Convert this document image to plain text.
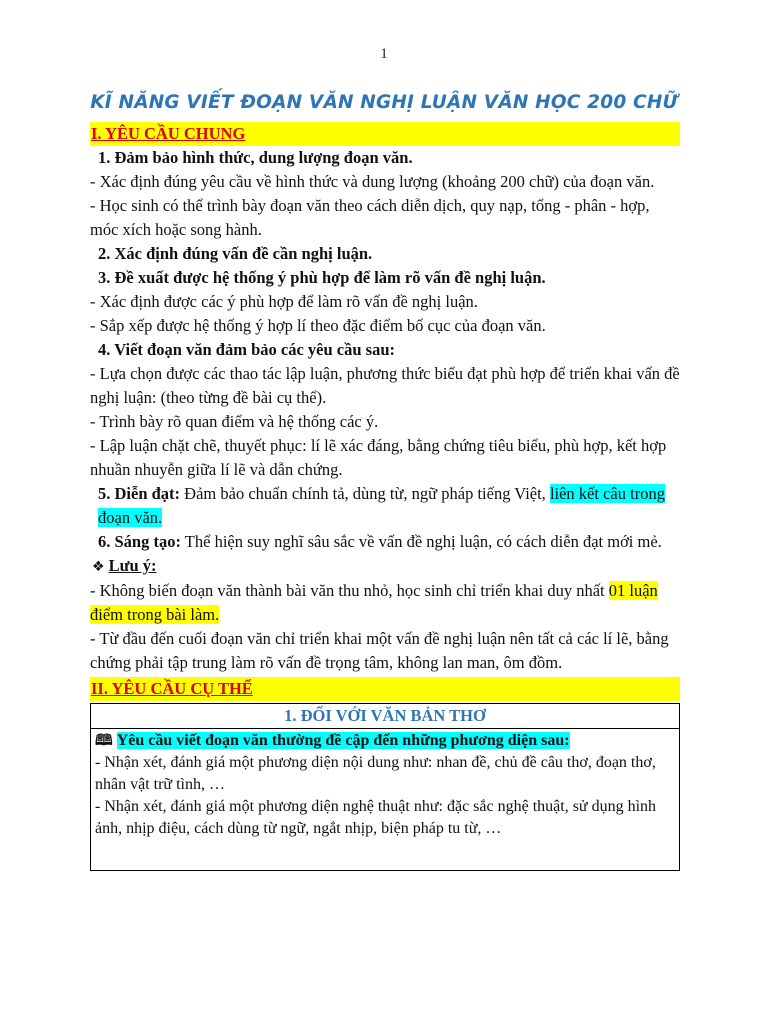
1
KĨ NĂNG VIẾT ĐOẠN VĂN NGHỊ LUẬN VĂN HỌC 200 CHỮ
I. YÊU CẦU CHUNG

1. Đảm bảo hình thức, dung lượng đoạn văn.

- Xác định đúng yêu cầu về hình thức và dung lượng (khoảng 200 chữ) của đoạn văn.

- Học sinh có thể trình bày đoạn văn theo cách diễn dịch, quy nạp, tổng - phân - hợp, móc xích hoặc song hành.

2. Xác định đúng vấn đề cần nghị luận.

3. Đề xuất được hệ thống ý phù hợp để làm rõ vấn đề nghị luận.

- Xác định được các ý phù hợp để làm rõ vấn đề nghị luận.

- Sắp xếp được hệ thống ý hợp lí theo đặc điểm bố cục của đoạn văn.

4. Viết đoạn văn đảm bảo các yêu cầu sau:

- Lựa chọn được các thao tác lập luận, phương thức biểu đạt phù hợp để triển khai vấn đề nghị luận: (theo từng đề bài cụ thể).

- Trình bày rõ quan điểm và hệ thống các ý.

- Lập luận chặt chẽ, thuyết phục: lí lẽ xác đáng, bằng chứng tiêu biểu, phù hợp, kết hợp nhuần nhuyễn giữa lí lẽ và dẫn chứng.

5. Diễn đạt: Đảm bảo chuẩn chính tả, dùng từ, ngữ pháp tiếng Việt, liên kết câu trong đoạn văn.

6. Sáng tạo: Thể hiện suy nghĩ sâu sắc về vấn đề nghị luận, có cách diễn đạt mới mẻ.

❖ Lưu ý:

- Không biến đoạn văn thành bài văn thu nhỏ, học sinh chỉ triển khai duy nhất 01 luận điểm trong bài làm.

- Từ đầu đến cuối đoạn văn chỉ triển khai một vấn đề nghị luận nên tất cả các lí lẽ, bằng chứng phải tập trung làm rõ vấn đề trọng tâm, không lan man, ôm đồm.

II. YÊU CẦU CỤ THỂ
1. ĐỐI VỚI VĂN BẢN THƠ

🕮 Yêu cầu viết đoạn văn thường đề cập đến những phương diện sau:

- Nhận xét, đánh giá một phương diện nội dung như: nhan đề, chủ đề câu thơ, đoạn thơ, nhân vật trữ tình, …

- Nhận xét, đánh giá một phương diện nghệ thuật như: đặc sắc nghệ thuật, sử dụng hình ảnh, nhịp điệu, cách dùng từ ngữ, ngắt nhịp, biện pháp tu từ, …
